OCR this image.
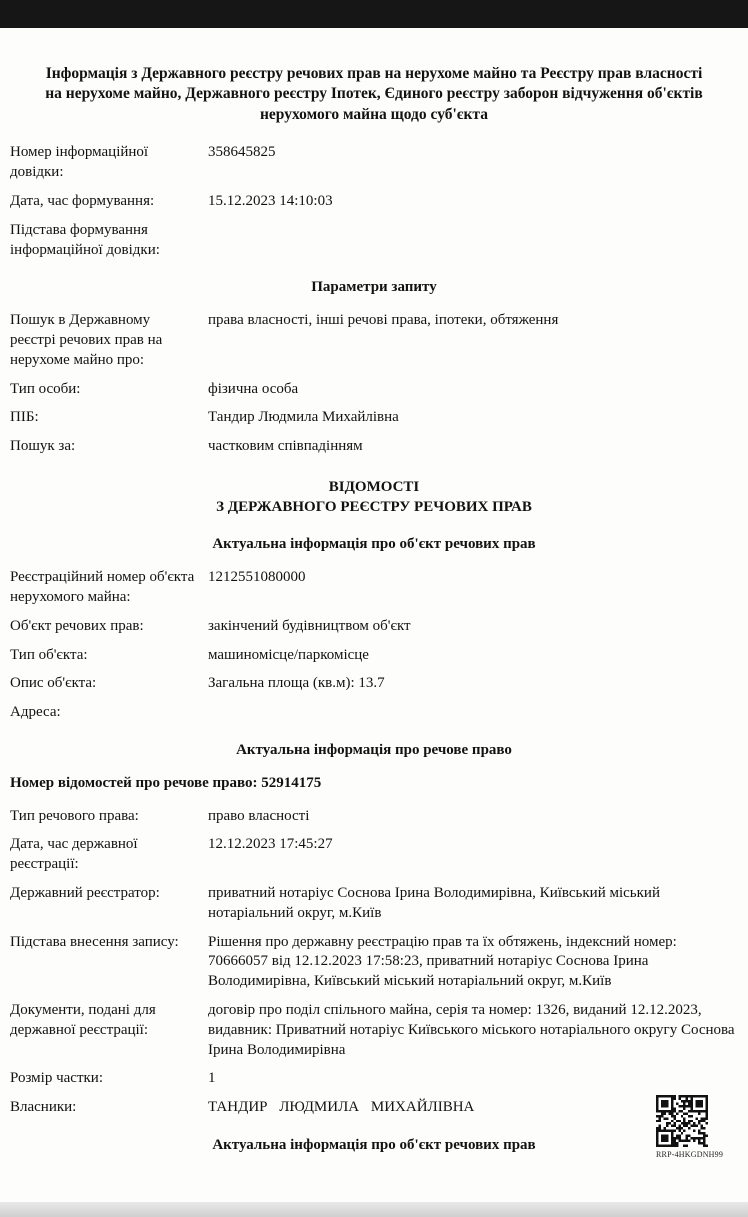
Інформація з Державного реєстру речових прав на нерухоме майно та Реєстру прав власності на нерухоме майно, Державного реєстру Іпотек, Єдиного реєстру заборон відчуження об'єктів нерухомого майна щодо суб'єкта
Номер інформаційної довідки:
358645825
Дата, час формування:	15.12.2023 14:10:03
Підстава формування інформаційної довідки:
Параметри запиту
Пошук в Державному реєстрі речових прав на нерухоме майно про:
права власності, інші речові права, іпотеки, обтяження
Тип особи:	фізична особа
ПІБ:	Тандир Людмила Михайлівна
Пошук за:	частковим співпадінням
ВІДОМОСТІ
З ДЕРЖАВНОГО РЕЄСТРУ РЕЧОВИХ ПРАВ
Актуальна інформація про об'єкт речових прав
Реєстраційний номер об'єкта нерухомого майна:
1212551080000
Об'єкт речових прав:	закінчений будівництвом об'єкт
Тип об'єкта:	машиномісце/паркомісце
Опис об'єкта:	Загальна площа (кв.м): 13.7
Адреса:
Актуальна інформація про речове право
Номер відомостей про речове право: 52914175
Тип речового права:	право власності
Дата, час державної реєстрації:
12.12.2023 17:45:27
Державний реєстратор:	приватний нотаріус Соснова Ірина Володимирівна, Київський міський нотаріальний округ, м.Київ
Підстава внесення запису:	Рішення про державну реєстрацію прав та їх обтяжень, індексний номер: 70666057 від 12.12.2023 17:58:23, приватний нотаріус Соснова Ірина Володимирівна, Київський міський нотаріальний округ, м.Київ
Документи, подані для державної реєстрації:
договір про поділ спільного майна, серія та номер: 1326, виданий 12.12.2023, видавник: Приватний нотаріус Київського міського нотаріального округу Соснова Ірина Володимирівна
Розмір частки:	1
Власники:	ТАНДИР ЛЮДМИЛА МИХАЙЛІВНА
Актуальна інформація про об'єкт речових прав
RRP-4HKGDNH99
